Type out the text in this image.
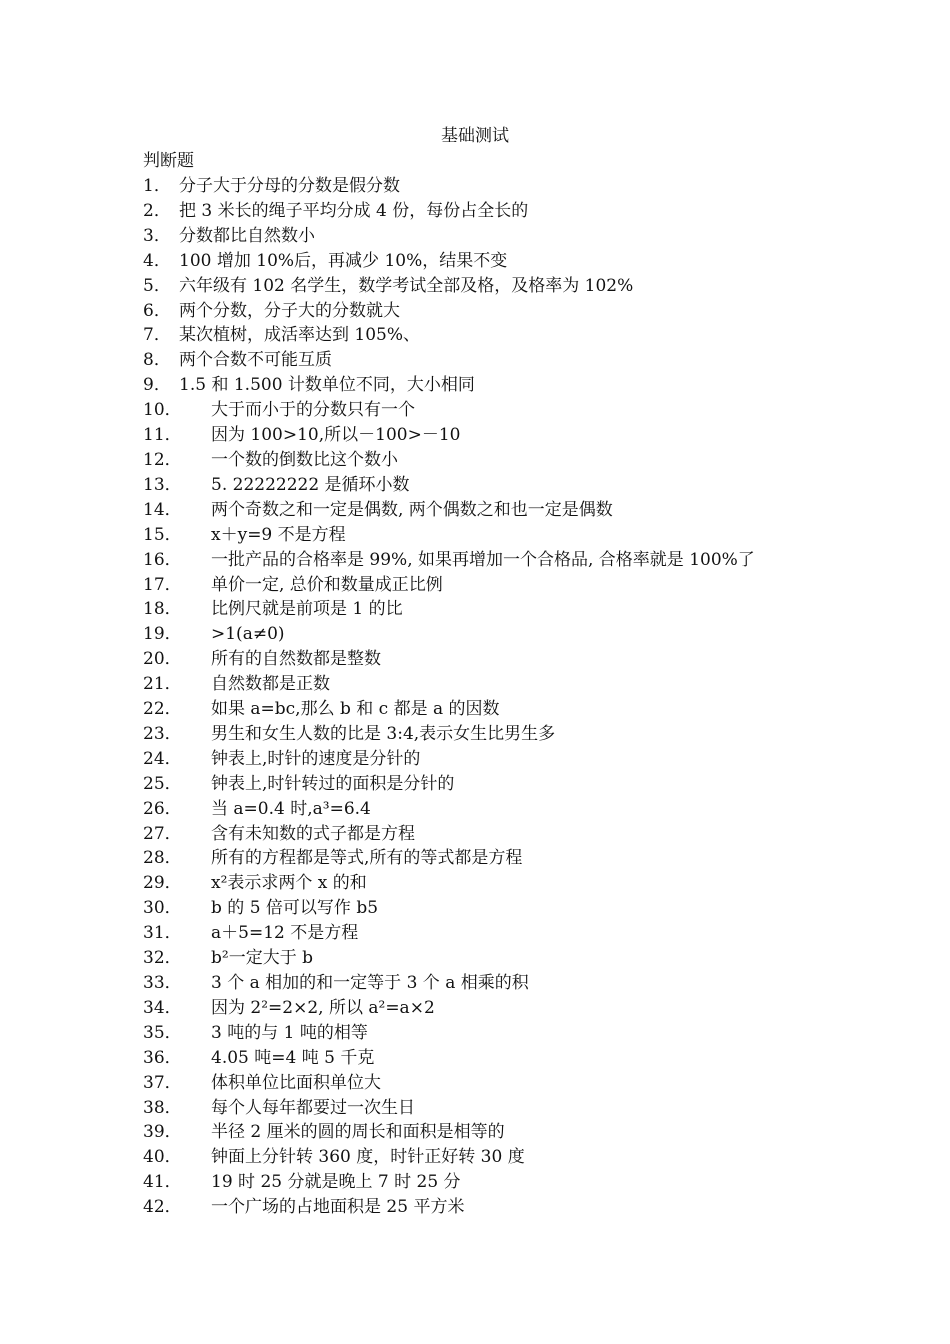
基础测试
判断题
1． 分子大于分母的分数是假分数
2． 把 3 米长的绳子平均分成 4 份，每份占全长的
3． 分数都比自然数小
4． 100 增加 10%后，再减少 10%，结果不变
5． 六年级有 102 名学生，数学考试全部及格，及格率为 102%
6． 两个分数，分子大的分数就大
7． 某次植树，成活率达到 105%、
8． 两个合数不可能互质
9． 1.5 和 1.500 计数单位不同，大小相同
10．	大于而小于的分数只有一个
11．	因为 100>10,所以－100>－10
12．	一个数的倒数比这个数小
13．	5. 22222222 是循环小数
14．	两个奇数之和一定是偶数, 两个偶数之和也一定是偶数
15．	x＋y=9 不是方程
16．	一批产品的合格率是 99%, 如果再增加一个合格品, 合格率就是 100%了
17．	单价一定, 总价和数量成正比例
18．	比例尺就是前项是 1 的比
19．	>1(a≠0)
20．	所有的自然数都是整数
21．	自然数都是正数
22．	如果 a=bc,那么 b 和 c 都是 a 的因数
23．	男生和女生人数的比是 3:4,表示女生比男生多
24．	钟表上,时针的速度是分针的
25．	钟表上,时针转过的面积是分针的
26．	当 a=0.4 时,a³=6.4
27．	含有未知数的式子都是方程
28．	所有的方程都是等式,所有的等式都是方程
29．	x²表示求两个 x 的和
30．	b 的 5 倍可以写作 b5
31．	a＋5=12 不是方程
32．	b²一定大于 b
33．	3 个 a 相加的和一定等于 3 个 a 相乘的积
34．	因为 2²=2×2, 所以 a²=a×2
35．	3 吨的与 1 吨的相等
36．	4.05 吨=4 吨 5 千克
37．	体积单位比面积单位大
38．	每个人每年都要过一次生日
39．	半径 2 厘米的圆的周长和面积是相等的
40．	钟面上分针转 360 度，时针正好转 30 度
41．	19 时 25 分就是晚上 7 时 25 分
42．	一个广场的占地面积是 25 平方米
